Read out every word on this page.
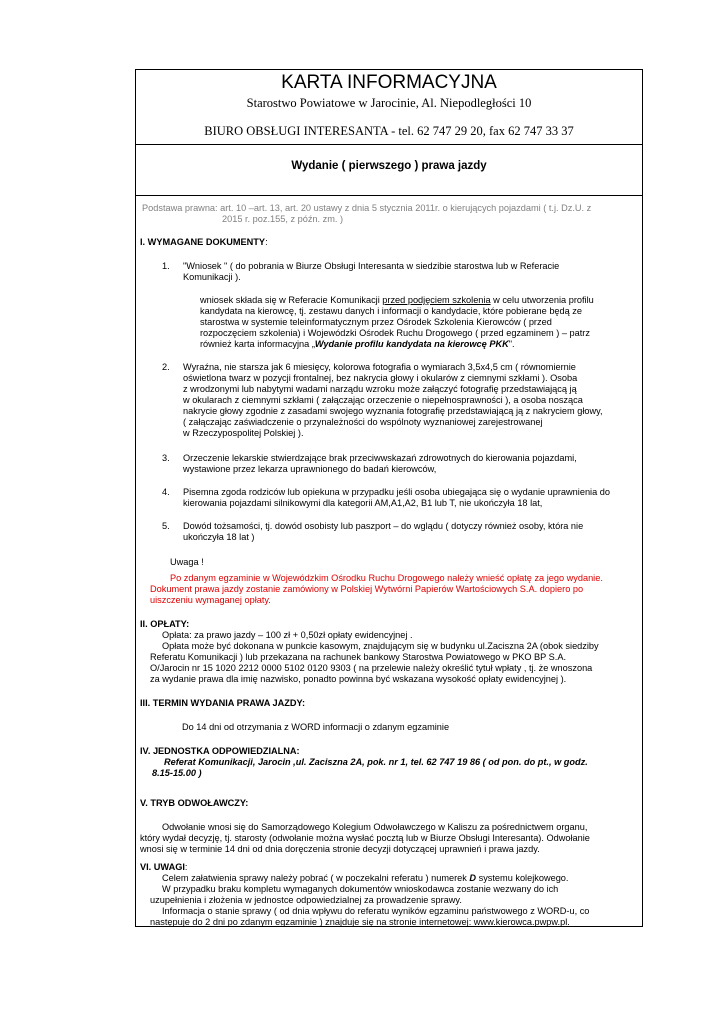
KARTA INFORMACYJNA
Starostwo Powiatowe w Jarocinie, Al. Niepodległości 10
BIURO OBSŁUGI INTERESANTA - tel. 62 747 29 20, fax 62 747 33 37
Wydanie ( pierwszego ) prawa jazdy
Podstawa prawna: art. 10 –art. 13, art. 20 ustawy z dnia 5 stycznia 2011r. o kierujących pojazdami ( t.j. Dz.U. z
2015 r. poz.155, z późn. zm. )
I. WYMAGANE DOKUMENTY:
1. "Wniosek " ( do pobrania w Biurze Obsługi Interesanta w siedzibie starostwa lub w Referacie
Komunikacji ).
wniosek składa się w Referacie Komunikacji przed podjęciem szkolenia w celu utworzenia profilu
kandydata na kierowcę, tj. zestawu danych i informacji o kandydacie, które pobierane będą ze
starostwa w systemie teleinformatycznym przez Ośrodek Szkolenia Kierowców ( przed
rozpoczęciem szkolenia) i Wojewódzki Ośrodek Ruchu Drogowego ( przed egzaminem ) – patrz
również karta informacyjna „Wydanie profilu kandydata na kierowcę PKK".
2. Wyraźna, nie starsza jak 6 miesięcy, kolorowa fotografia o wymiarach 3,5x4,5 cm ( równomiernie
oświetlona twarz w pozycji frontalnej, bez nakrycia głowy i okularów z ciemnymi szkłami ). Osoba
z wrodzonymi lub nabytymi wadami narządu wzroku może załączyć fotografię przedstawiającą ją
w okularach z ciemnymi szkłami ( załączając orzeczenie o niepełnosprawności ), a osoba nosząca
nakrycie głowy zgodnie z zasadami swojego wyznania fotografię przedstawiającą ją z nakryciem głowy,
( załączając zaświadczenie o przynależności do wspólnoty wyznaniowej zarejestrowanej
w Rzeczypospolitej Polskiej ).
3. Orzeczenie lekarskie stwierdzające brak przeciwwskazań zdrowotnych do kierowania pojazdami,
wystawione przez lekarza uprawnionego do badań kierowców,
4. Pisemna zgoda rodziców lub opiekuna w przypadku jeśli osoba ubiegająca się o wydanie uprawnienia do
kierowania pojazdami silnikowymi dla kategorii AM,A1,A2, B1 lub T, nie ukończyła 18 lat,
5. Dowód tożsamości, tj. dowód osobisty lub paszport – do wglądu ( dotyczy również osoby, która nie
ukończyła 18 lat )
Uwaga !
Po zdanym egzaminie w Wojewódzkim Ośrodku Ruchu Drogowego należy wnieść opłatę za jego wydanie.
Dokument prawa jazdy zostanie zamówiony w Polskiej Wytwórni Papierów Wartościowych S.A. dopiero po
uiszczeniu wymaganej opłaty.
II. OPŁATY:
Opłata: za prawo jazdy – 100 zł + 0,50zł opłaty ewidencyjnej .
Opłata może być dokonana w punkcie kasowym, znajdującym się w budynku ul.Zaciszna 2A (obok siedziby
Referatu Komunikacji ) lub przekazana na rachunek bankowy Starostwa Powiatowego w PKO BP S.A.
O/Jarocin nr 15 1020 2212 0000 5102 0120 9303 ( na przelewie należy określić tytuł wpłaty , tj. że wnoszona
za wydanie prawa dla imię nazwisko, ponadto powinna być wskazana wysokość opłaty ewidencyjnej ).
III. TERMIN WYDANIA PRAWA JAZDY:
Do 14 dni od otrzymania z WORD informacji o zdanym egzaminie
IV. JEDNOSTKA ODPOWIEDZIALNA:
Referat Komunikacji, Jarocin ,ul. Zaciszna 2A, pok. nr 1, tel. 62 747 19 86 ( od pon. do pt., w godz.
8.15-15.00 )
V. TRYB ODWOŁAWCZY:
Odwołanie wnosi się do Samorządowego Kolegium Odwoławczego w Kaliszu za pośrednictwem organu,
który wydał decyzję, tj. starosty (odwołanie można wysłać pocztą lub w Biurze Obsługi Interesanta). Odwołanie
wnosi się w terminie 14 dni od dnia doręczenia stronie decyzji dotyczącej uprawnień i prawa jazdy.
VI. UWAGI:
Celem załatwienia sprawy należy pobrać ( w poczekalni referatu ) numerek D systemu kolejkowego.
W przypadku braku kompletu wymaganych dokumentów wnioskodawca zostanie wezwany do ich
uzupełnienia i złożenia w jednostce odpowiedzialnej za prowadzenie sprawy.
Informacja o stanie sprawy ( od dnia wpływu do referatu wyników egzaminu państwowego z WORD-u, co
następuje do 2 dni po zdanym egzaminie ) znajduje się na stronie internetowej: www.kierowca.pwpw.pl.
